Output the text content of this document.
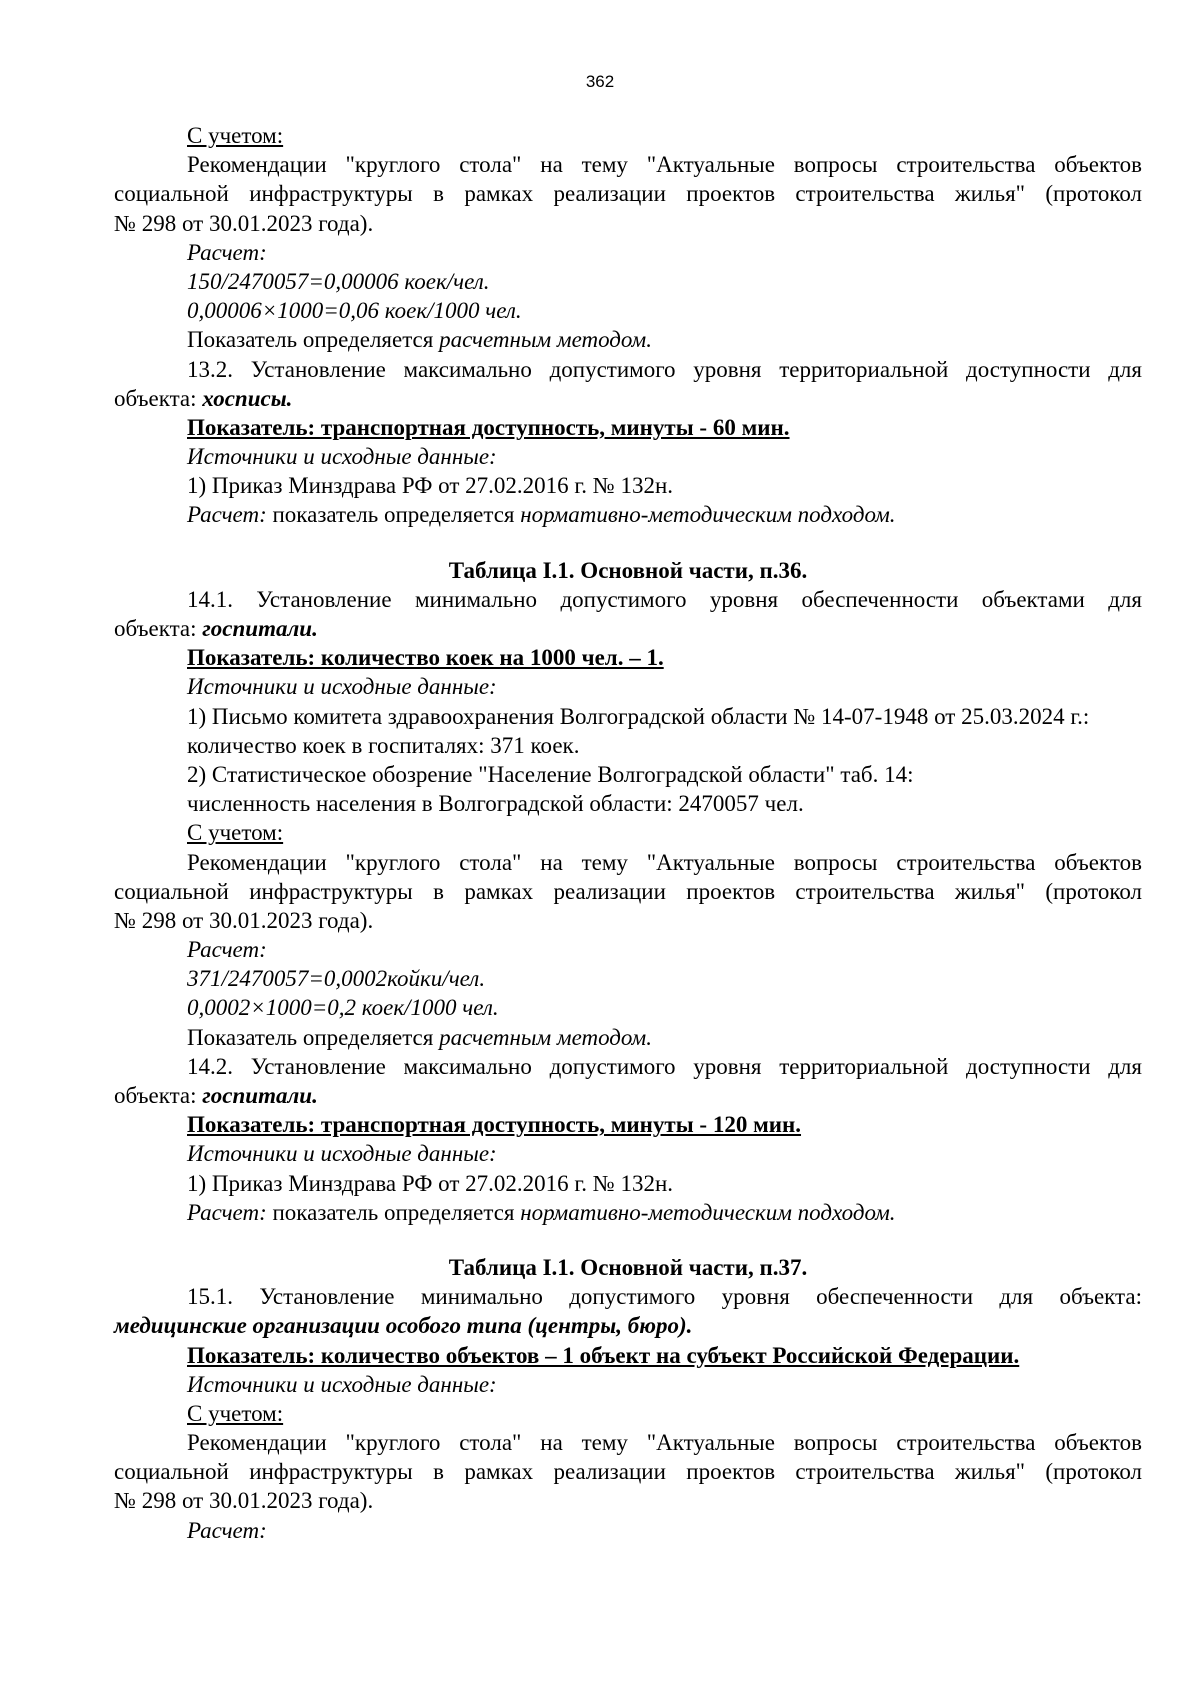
362
С учетом:
Рекомендации "круглого стола" на тему "Актуальные вопросы строительства объектов
социальной инфраструктуры в рамках реализации проектов строительства жилья" (протокол
№ 298 от 30.01.2023 года).
Расчет:
150/2470057=0,00006 коек/чел.
0,00006×1000=0,06 коек/1000 чел.
Показатель определяется расчетным методом.
13.2. Установление максимально допустимого уровня территориальной доступности для
объекта: хосписы.
Показатель: транспортная доступность, минуты - 60 мин.
Источники и исходные данные:
1) Приказ Минздрава РФ от 27.02.2016 г. № 132н.
Расчет: показатель определяется нормативно-методическим подходом.
Таблица I.1. Основной части, п.36.
14.1. Установление минимально допустимого уровня обеспеченности объектами для
объекта: госпитали.
Показатель: количество коек на 1000 чел. – 1.
Источники и исходные данные:
1) Письмо комитета здравоохранения Волгоградской области № 14-07-1948 от 25.03.2024 г.:
количество коек в госпиталях: 371 коек.
2) Статистическое обозрение "Население Волгоградской области" таб. 14:
численность населения в Волгоградской области: 2470057 чел.
С учетом:
Рекомендации "круглого стола" на тему "Актуальные вопросы строительства объектов
социальной инфраструктуры в рамках реализации проектов строительства жилья" (протокол
№ 298 от 30.01.2023 года).
Расчет:
371/2470057=0,0002койки/чел.
0,0002×1000=0,2 коек/1000 чел.
Показатель определяется расчетным методом.
14.2. Установление максимально допустимого уровня территориальной доступности для
объекта: госпитали.
Показатель: транспортная доступность, минуты - 120 мин.
Источники и исходные данные:
1) Приказ Минздрава РФ от 27.02.2016 г. № 132н.
Расчет: показатель определяется нормативно-методическим подходом.
Таблица I.1. Основной части, п.37.
15.1. Установление минимально допустимого уровня обеспеченности для объекта:
медицинские организации особого типа (центры, бюро).
Показатель: количество объектов – 1 объект на субъект Российской Федерации.
Источники и исходные данные:
С учетом:
Рекомендации "круглого стола" на тему "Актуальные вопросы строительства объектов
социальной инфраструктуры в рамках реализации проектов строительства жилья" (протокол
№ 298 от 30.01.2023 года).
Расчет:
